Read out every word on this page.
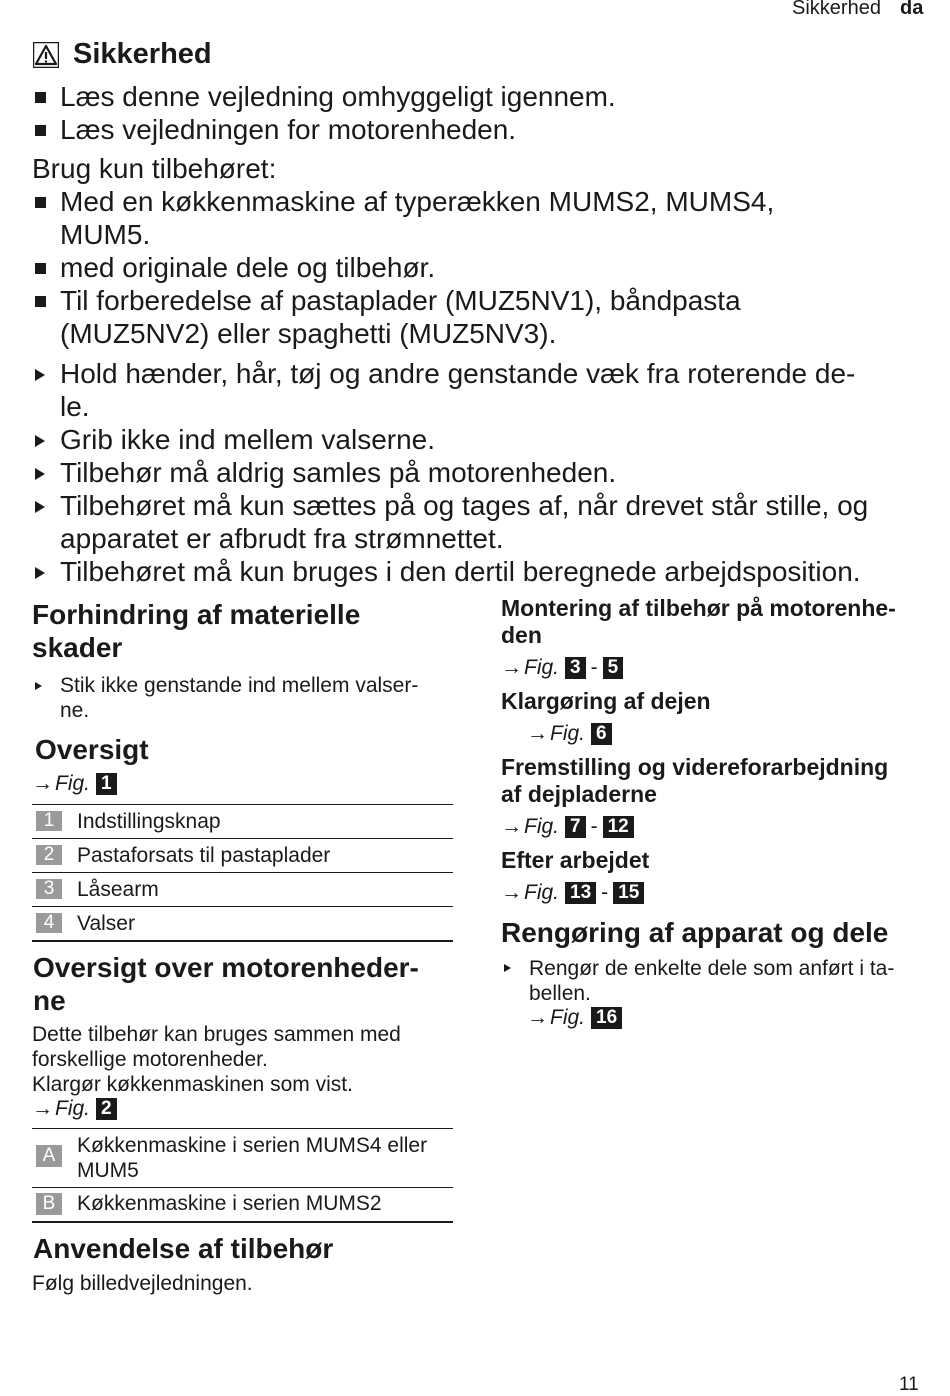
Sikkerhed da
Sikkerhed
Læs denne vejledning omhyggeligt igennem.
Læs vejledningen for motorenheden.
Brug kun tilbehøret:
Med en køkkenmaskine af typerækken MUMS2, MUMS4,
MUM5.
med originale dele og tilbehør.
Til forberedelse af pastaplader (MUZ5NV1), båndpasta
(MUZ5NV2) eller spaghetti (MUZ5NV3).
Hold hænder, hår, tøj og andre genstande væk fra roterende de-
le.
Grib ikke ind mellem valserne.
Tilbehør må aldrig samles på motorenheden.
Tilbehøret må kun sættes på og tages af, når drevet står stille, og
apparatet er afbrudt fra strømnettet.
Tilbehøret må kun bruges i den dertil beregnede arbejdsposition.
Forhindring af materielle
skader
Stik ikke genstande ind mellem valser-
ne.
Oversigt
→ Fig. 1
1	Indstillingsknap
2	Pastaforsats til pastaplader
3	Låsearm
4	Valser
Oversigt over motorenheder-
ne
Dette tilbehør kan bruges sammen med
forskellige motorenheder.
Klargør køkkenmaskinen som vist.
→ Fig. 2
A	Køkkenmaskine i serien MUMS4 eller
MUM5
B	Køkkenmaskine i serien MUMS2
Anvendelse af tilbehør
Følg billedvejledningen.
Montering af tilbehør på motorenhe-
den
→ Fig. 3 - 5
Klargøring af dejen
→ Fig. 6
Fremstilling og videreforarbejdning
af dejpladerne
→ Fig. 7 - 12
Efter arbejdet
→ Fig. 13 - 15
Rengøring af apparat og dele
Rengør de enkelte dele som anført i ta-
bellen.
→ Fig. 16
11
